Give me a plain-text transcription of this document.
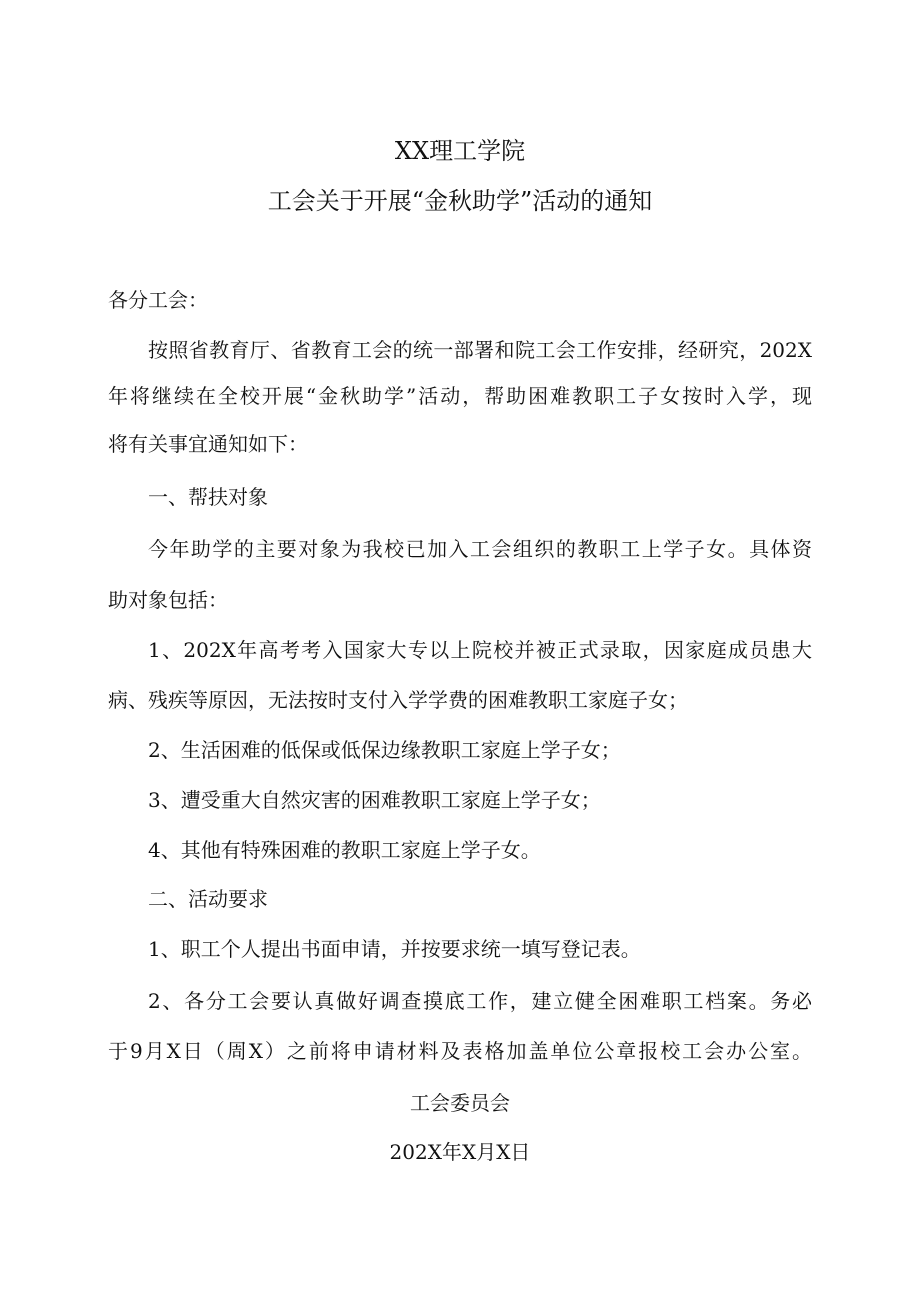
XX理工学院
工会关于开展“金秋助学”活动的通知
各分工会：
按照省教育厅、省教育工会的统一部署和院工会工作安排，经研究，202X
年将继续在全校开展“金秋助学”活动，帮助困难教职工子女按时入学，现
将有关事宜通知如下：
一、帮扶对象
今年助学的主要对象为我校已加入工会组织的教职工上学子女。具体资
助对象包括：
1、202X年高考考入国家大专以上院校并被正式录取，因家庭成员患大
病、残疾等原因，无法按时支付入学学费的困难教职工家庭子女；
2、生活困难的低保或低保边缘教职工家庭上学子女；
3、遭受重大自然灾害的困难教职工家庭上学子女；
4、其他有特殊困难的教职工家庭上学子女。
二、活动要求
1、职工个人提出书面申请，并按要求统一填写登记表。
2、各分工会要认真做好调查摸底工作，建立健全困难职工档案。务必
于9月X日（周X）之前将申请材料及表格加盖单位公章报校工会办公室。
工会委员会
202X年X月X日
